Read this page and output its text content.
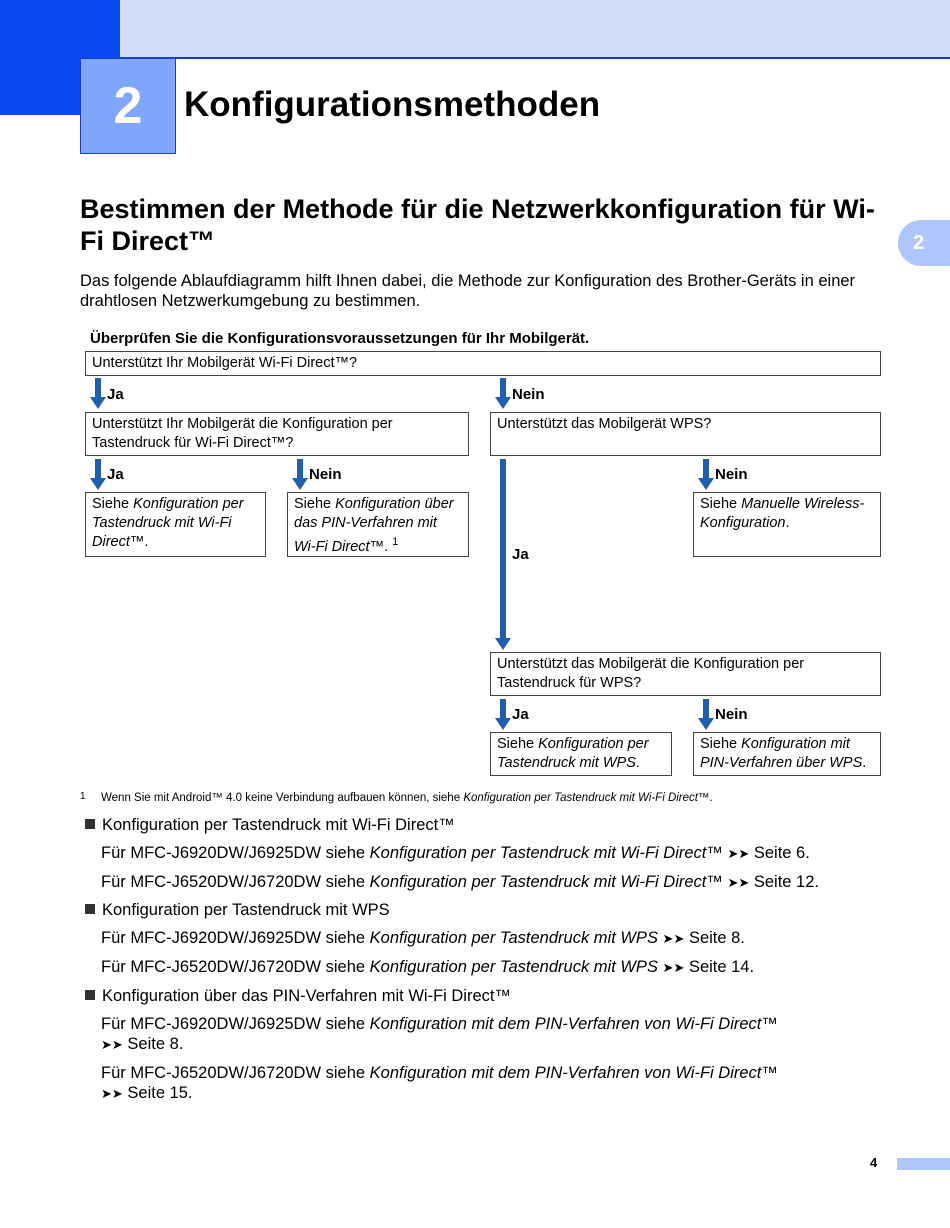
2 Konfigurationsmethoden
2
Bestimmen der Methode für die Netzwerkkonfiguration für Wi-Fi Direct™
Das folgende Ablaufdiagramm hilft Ihnen dabei, die Methode zur Konfiguration des Brother-Geräts in einer drahtlosen Netzwerkumgebung zu bestimmen.
Überprüfen Sie die Konfigurationsvoraussetzungen für Ihr Mobilgerät.
Unterstützt Ihr Mobilgerät Wi-Fi Direct™?
Ja	Nein
Unterstützt Ihr Mobilgerät die Konfiguration per Tastendruck für Wi-Fi Direct™?
Unterstützt das Mobilgerät WPS?
Ja	Nein	Nein
Ja
Siehe Konfiguration per Tastendruck mit Wi-Fi Direct™.
Siehe Konfiguration über das PIN-Verfahren mit Wi-Fi Direct™. $^1$
Siehe Manuelle Wireless-Konfiguration.
Unterstützt das Mobilgerät die Konfiguration per Tastendruck für WPS?
Ja	Nein
Siehe Konfiguration per Tastendruck mit WPS.
Siehe Konfiguration mit PIN-Verfahren über WPS.
1 Wenn Sie mit Android™ 4.0 keine Verbindung aufbauen können, siehe Konfiguration per Tastendruck mit Wi-Fi Direct™.
Konfiguration per Tastendruck mit Wi-Fi Direct™
Für MFC-J6920DW/J6925DW siehe Konfiguration per Tastendruck mit Wi-Fi Direct™ ➤➤ Seite 6.
Für MFC-J6520DW/J6720DW siehe Konfiguration per Tastendruck mit Wi-Fi Direct™ ➤➤ Seite 12.
Konfiguration per Tastendruck mit WPS
Für MFC-J6920DW/J6925DW siehe Konfiguration per Tastendruck mit WPS ➤➤ Seite 8.
Für MFC-J6520DW/J6720DW siehe Konfiguration per Tastendruck mit WPS ➤➤ Seite 14.
Konfiguration über das PIN-Verfahren mit Wi-Fi Direct™
Für MFC-J6920DW/J6925DW siehe Konfiguration mit dem PIN-Verfahren von Wi-Fi Direct™
➤➤ Seite 8.
Für MFC-J6520DW/J6720DW siehe Konfiguration mit dem PIN-Verfahren von Wi-Fi Direct™
➤➤ Seite 15.
4
